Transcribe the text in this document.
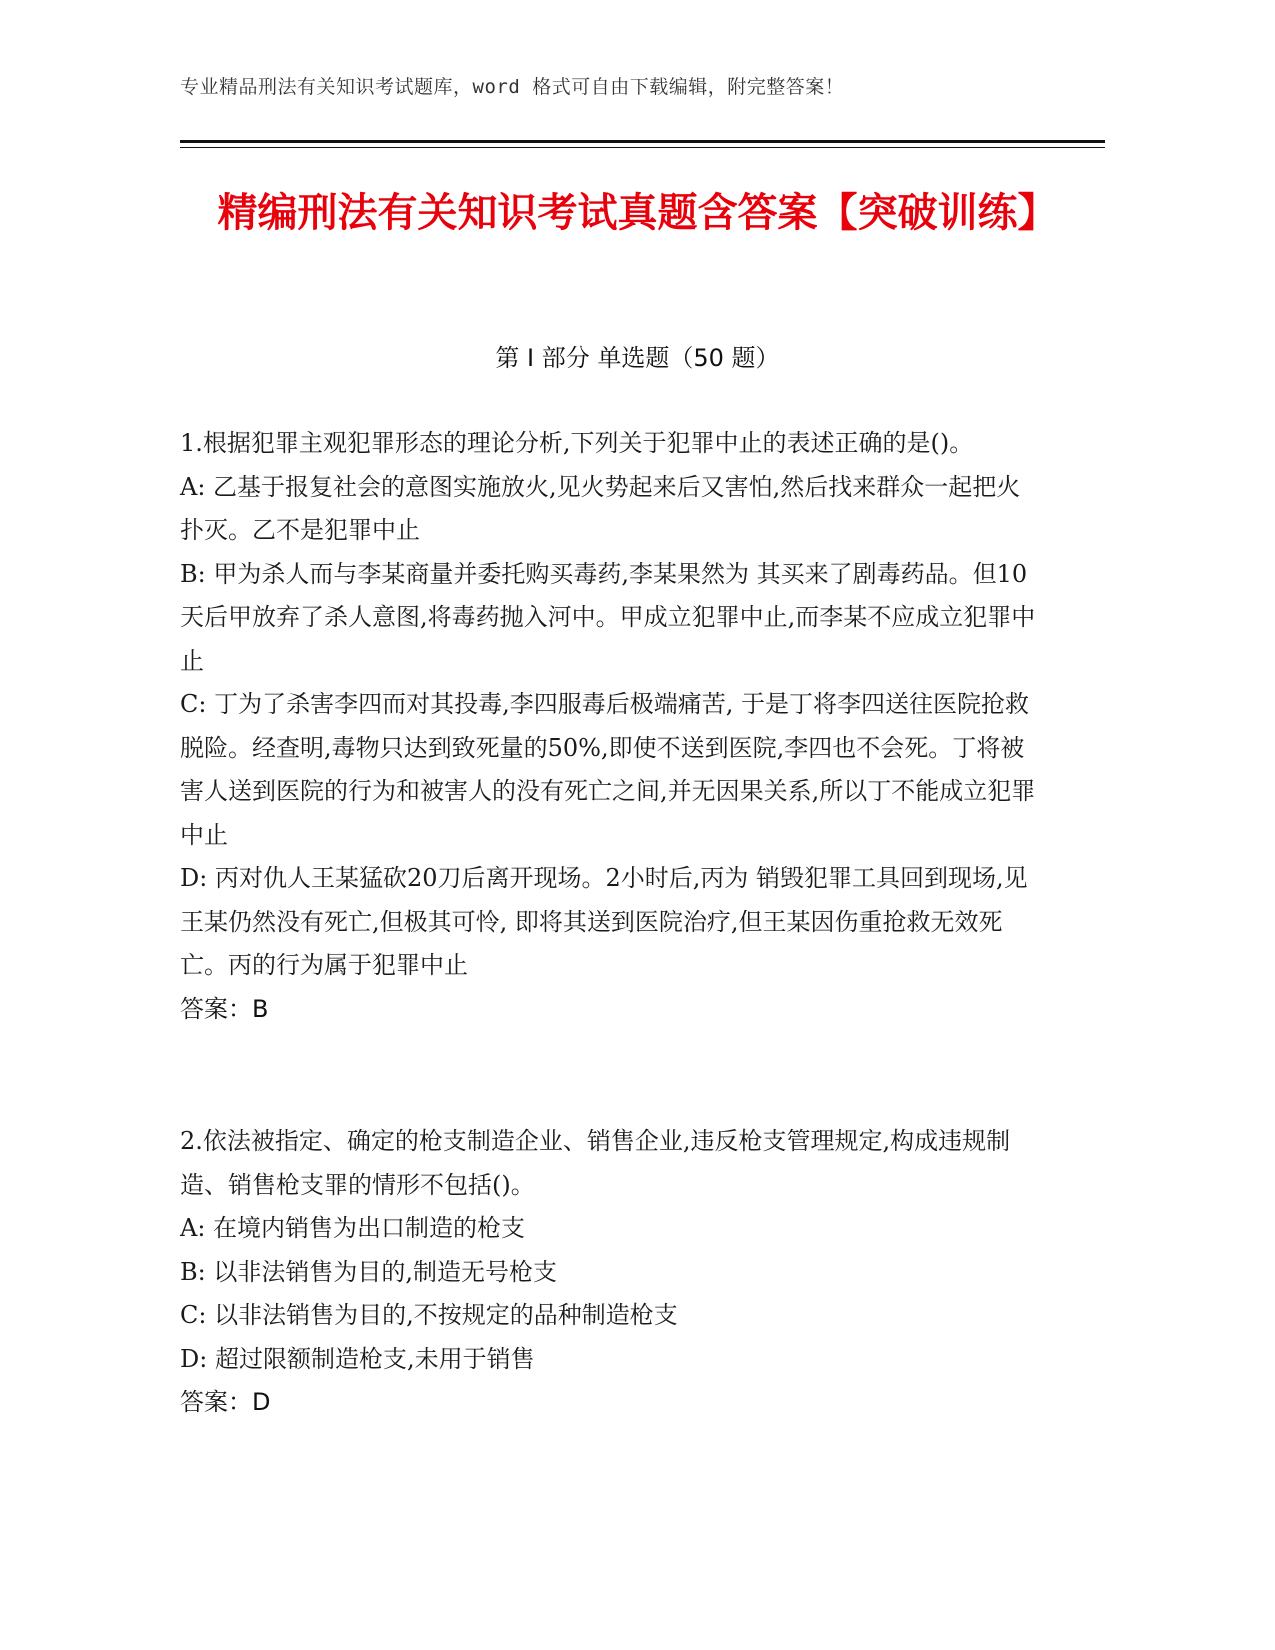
专业精品刑法有关知识考试题库，word 格式可自由下载编辑，附完整答案！
精编刑法有关知识考试真题含答案【突破训练】
第 I 部分 单选题（50 题）

1.根据犯罪主观犯罪形态的理论分析,下列关于犯罪中止的表述正确的是()。

A: 乙基于报复社会的意图实施放火,见火势起来后又害怕,然后找来群众一起把火扑灭。乙不是犯罪中止

B: 甲为杀人而与李某商量并委托购买毒药,李某果然为 其买来了剧毒药品。但10天后甲放弃了杀人意图,将毒药抛入河中。甲成立犯罪中止,而李某不应成立犯罪中止

C: 丁为了杀害李四而对其投毒,李四服毒后极端痛苦, 于是丁将李四送往医院抢救脱险。经查明,毒物只达到致死量的50%,即使不送到医院,李四也不会死。丁将被害人送到医院的行为和被害人的没有死亡之间,并无因果关系,所以丁不能成立犯罪中止

D: 丙对仇人王某猛砍20刀后离开现场。2小时后,丙为 销毁犯罪工具回到现场,见王某仍然没有死亡,但极其可怜, 即将其送到医院治疗,但王某因伤重抢救无效死亡。丙的行为属于犯罪中止

答案：B

2.依法被指定、确定的枪支制造企业、销售企业,违反枪支管理规定,构成违规制造、销售枪支罪的情形不包括()。

A: 在境内销售为出口制造的枪支

B: 以非法销售为目的,制造无号枪支

C: 以非法销售为目的,不按规定的品种制造枪支

D: 超过限额制造枪支,未用于销售

答案：D
